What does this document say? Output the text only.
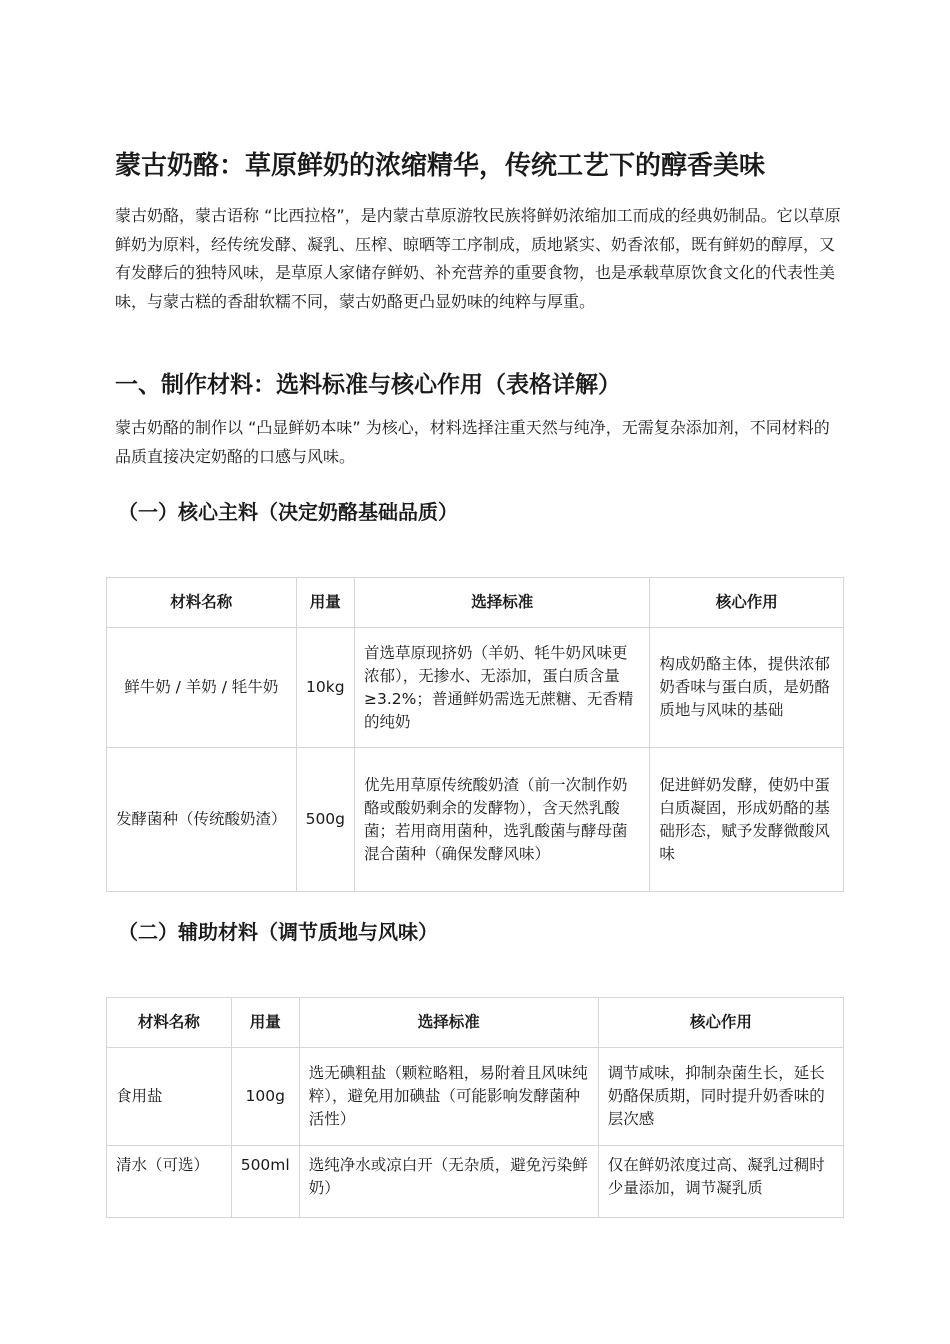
蒙古奶酪：草原鲜奶的浓缩精华，传统工艺下的醇香美味

蒙古奶酪，蒙古语称 “比西拉格”，是内蒙古草原游牧民族将鲜奶浓缩加工而成的经典奶制品。它以草原鲜奶为原料，经传统发酵、凝乳、压榨、晾晒等工序制成，质地紧实、奶香浓郁，既有鲜奶的醇厚，又有发酵后的独特风味，是草原人家储存鲜奶、补充营养的重要食物，也是承载草原饮食文化的代表性美味，与蒙古糕的香甜软糯不同，蒙古奶酪更凸显奶味的纯粹与厚重。

一、制作材料：选料标准与核心作用（表格详解）

蒙古奶酪的制作以 “凸显鲜奶本味” 为核心，材料选择注重天然与纯净，无需复杂添加剂，不同材料的品质直接决定奶酪的口感与风味。

（一）核心主料（决定奶酪基础品质）
材料名称	用量	选择标准	核心作用
鲜牛奶 / 羊奶 / 牦牛奶	10kg	首选草原现挤奶（羊奶、牦牛奶风味更浓郁），无掺水、无添加，蛋白质含量≥3.2%；普通鲜奶需选无蔗糖、无香精的纯奶	构成奶酪主体，提供浓郁奶香味与蛋白质，是奶酪质地与风味的基础
发酵菌种（传统酸奶渣）	500g	优先用草原传统酸奶渣（前一次制作奶酪或酸奶剩余的发酵物），含天然乳酸菌；若用商用菌种，选乳酸菌与酵母菌混合菌种（确保发酵风味）	促进鲜奶发酵，使奶中蛋白质凝固，形成奶酪的基础形态，赋予发酵微酸风味
（二）辅助材料（调节质地与风味）
材料名称	用量	选择标准	核心作用
食用盐	100g	选无碘粗盐（颗粒略粗，易附着且风味纯粹），避免用加碘盐（可能影响发酵菌种活性）	调节咸味，抑制杂菌生长，延长奶酪保质期，同时提升奶香味的层次感
清水（可选）	500ml	选纯净水或凉白开（无杂质，避免污染鲜奶）	仅在鲜奶浓度过高、凝乳过稠时少量添加，调节凝乳质
